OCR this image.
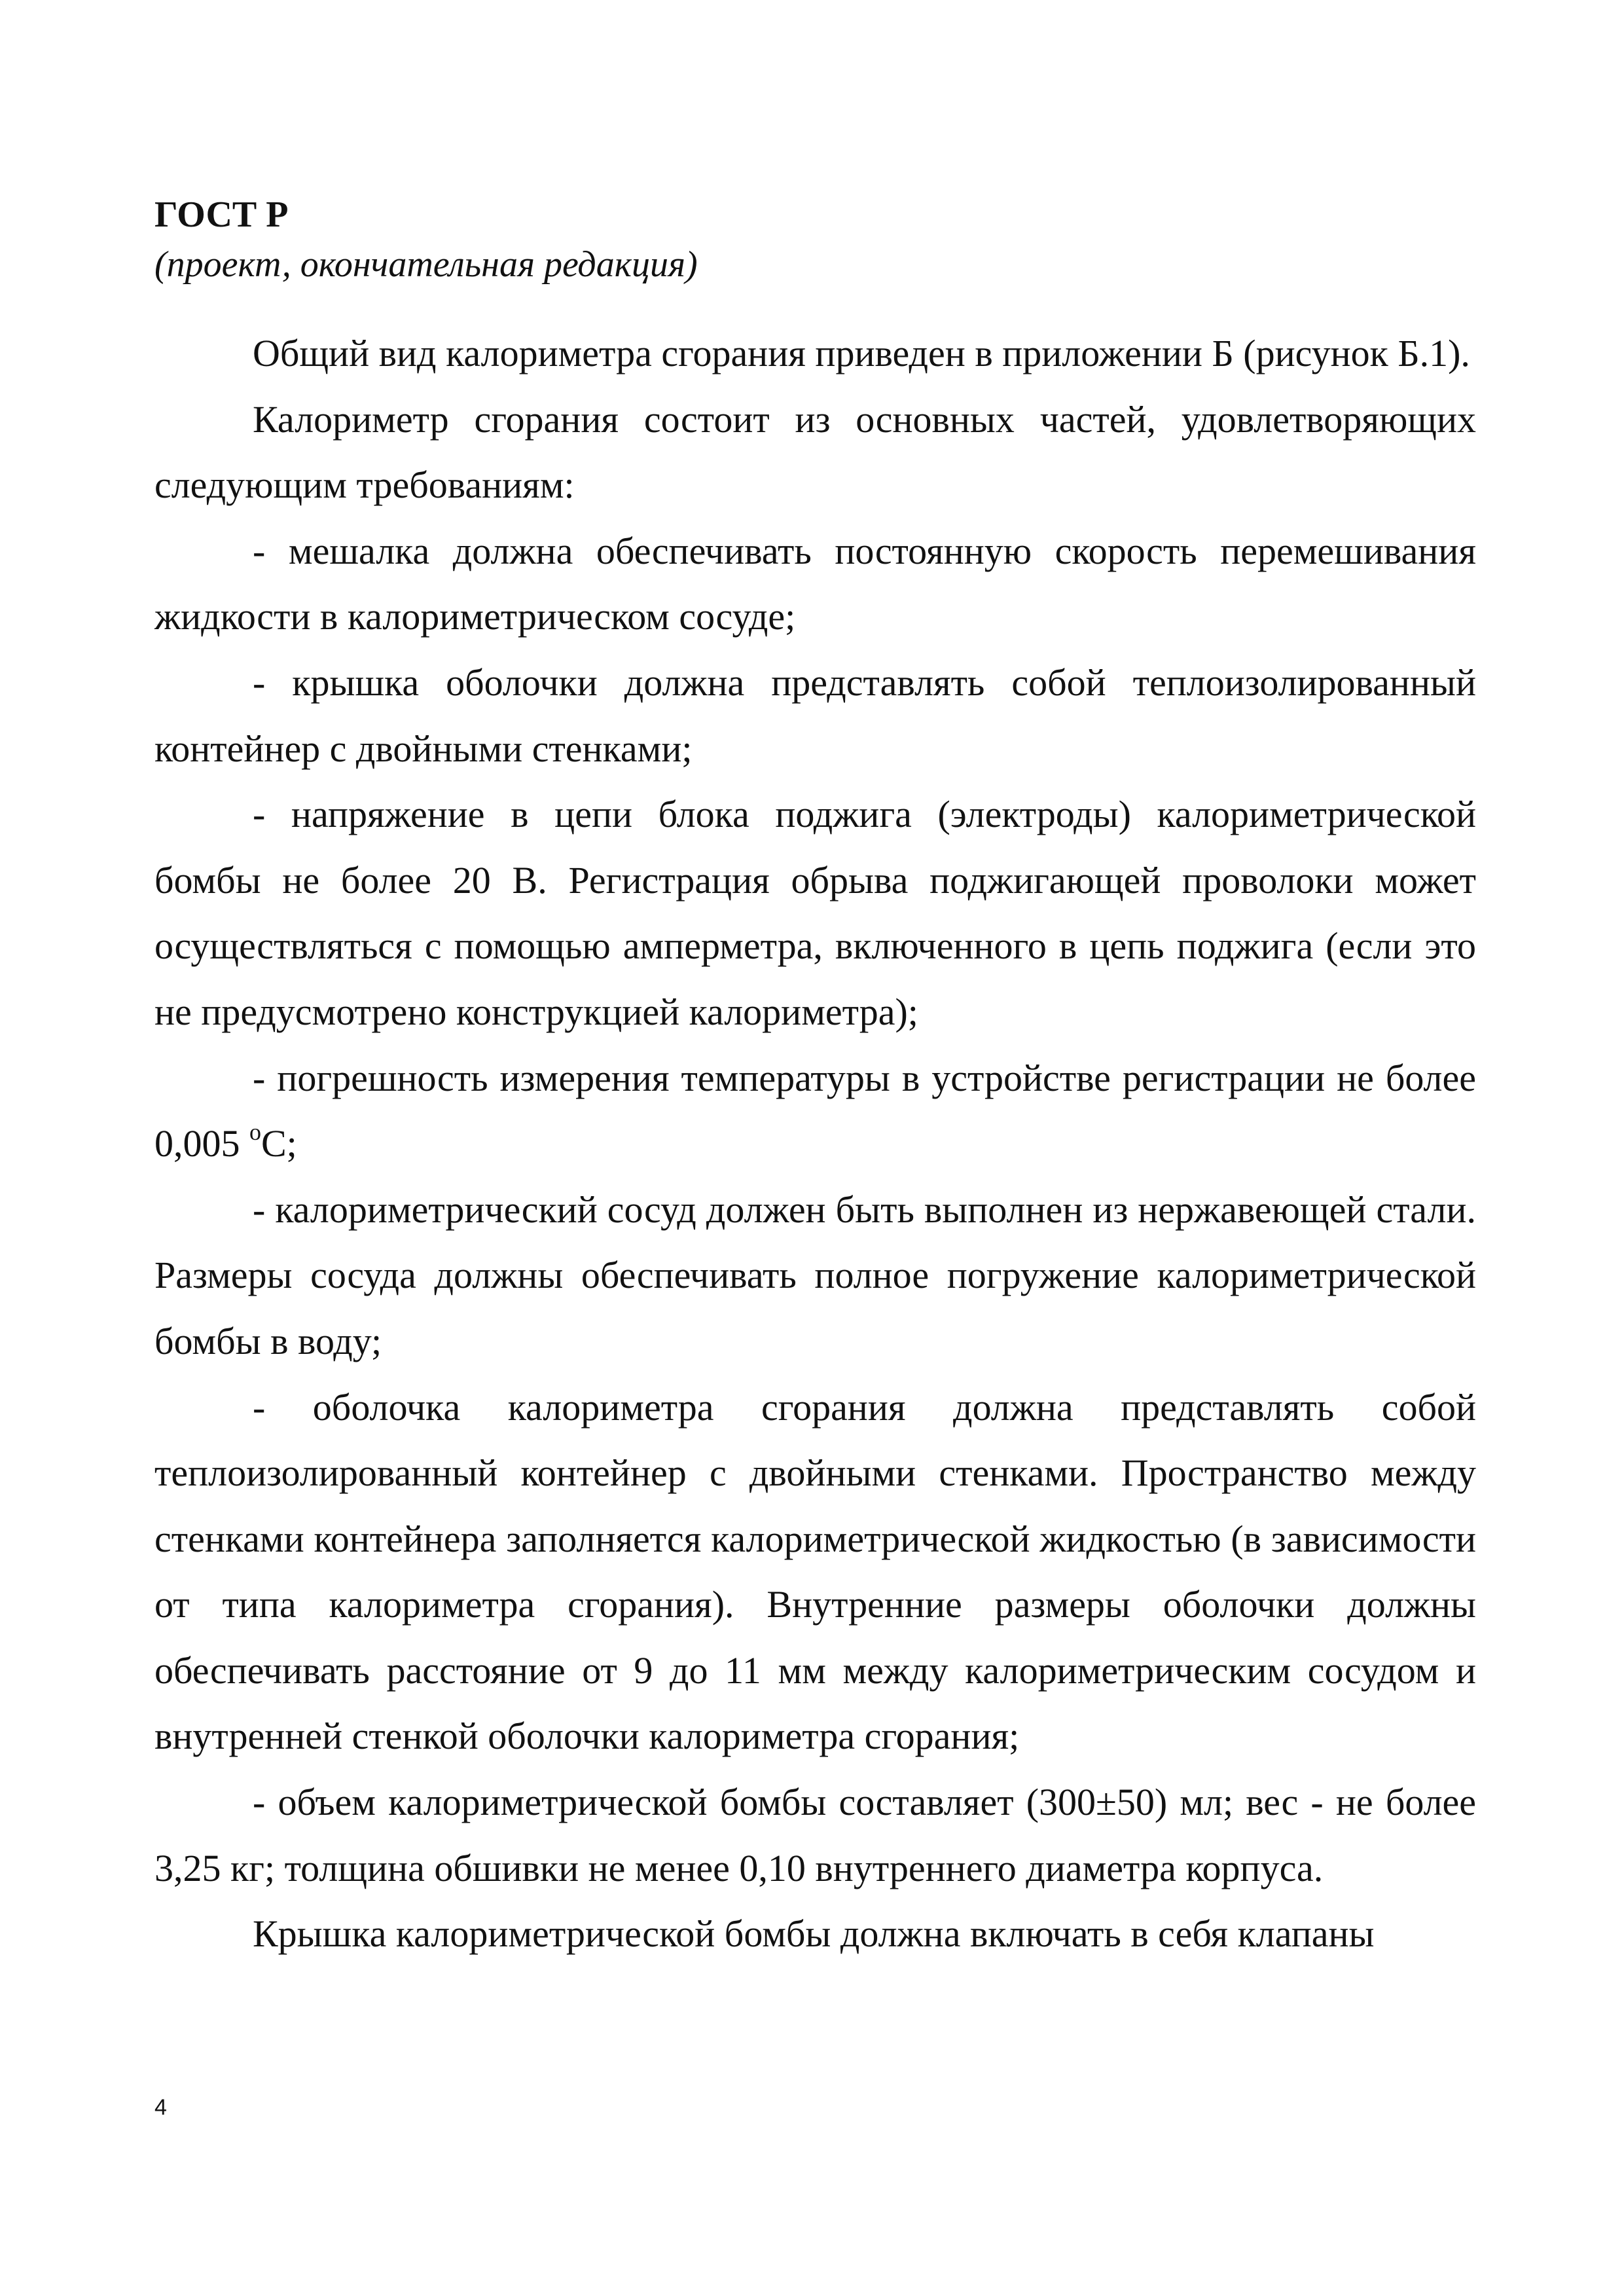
ГОСТ Р
(проект, окончательная редакция)

Общий вид калориметра сгорания приведен в приложении Б (рисунок Б.1).

Калориметр сгорания состоит из основных частей, удовлетворяющих следующим требованиям:

- мешалка должна обеспечивать постоянную скорость перемешивания жидкости в калориметрическом сосуде;

- крышка оболочки должна представлять собой теплоизолированный контейнер с двойными стенками;

- напряжение в цепи блока поджига (электроды) калориметрической бомбы не более 20 В. Регистрация обрыва поджигающей проволоки может осуществляться с помощью амперметра, включенного в цепь поджига (если это не предусмотрено конструкцией калориметра);

- погрешность измерения температуры в устройстве регистрации не более 0,005 $^o$С;

- калориметрический сосуд должен быть выполнен из нержавеющей стали. Размеры сосуда должны обеспечивать полное погружение калориметрической бомбы в воду;

- оболочка калориметра сгорания должна представлять собой теплоизолированный контейнер с двойными стенками. Пространство между стенками контейнера заполняется калориметрической жидкостью (в зависимости от типа калориметра сгорания). Внутренние размеры оболочки должны обеспечивать расстояние от 9 до 11 мм между калориметрическим сосудом и внутренней стенкой оболочки калориметра сгорания;

- объем калориметрической бомбы составляет (300±50) мл; вес - не более 3,25 кг; толщина обшивки не менее 0,10 внутреннего диаметра корпуса.

Крышка калориметрической бомбы должна включать в себя клапаны

4
